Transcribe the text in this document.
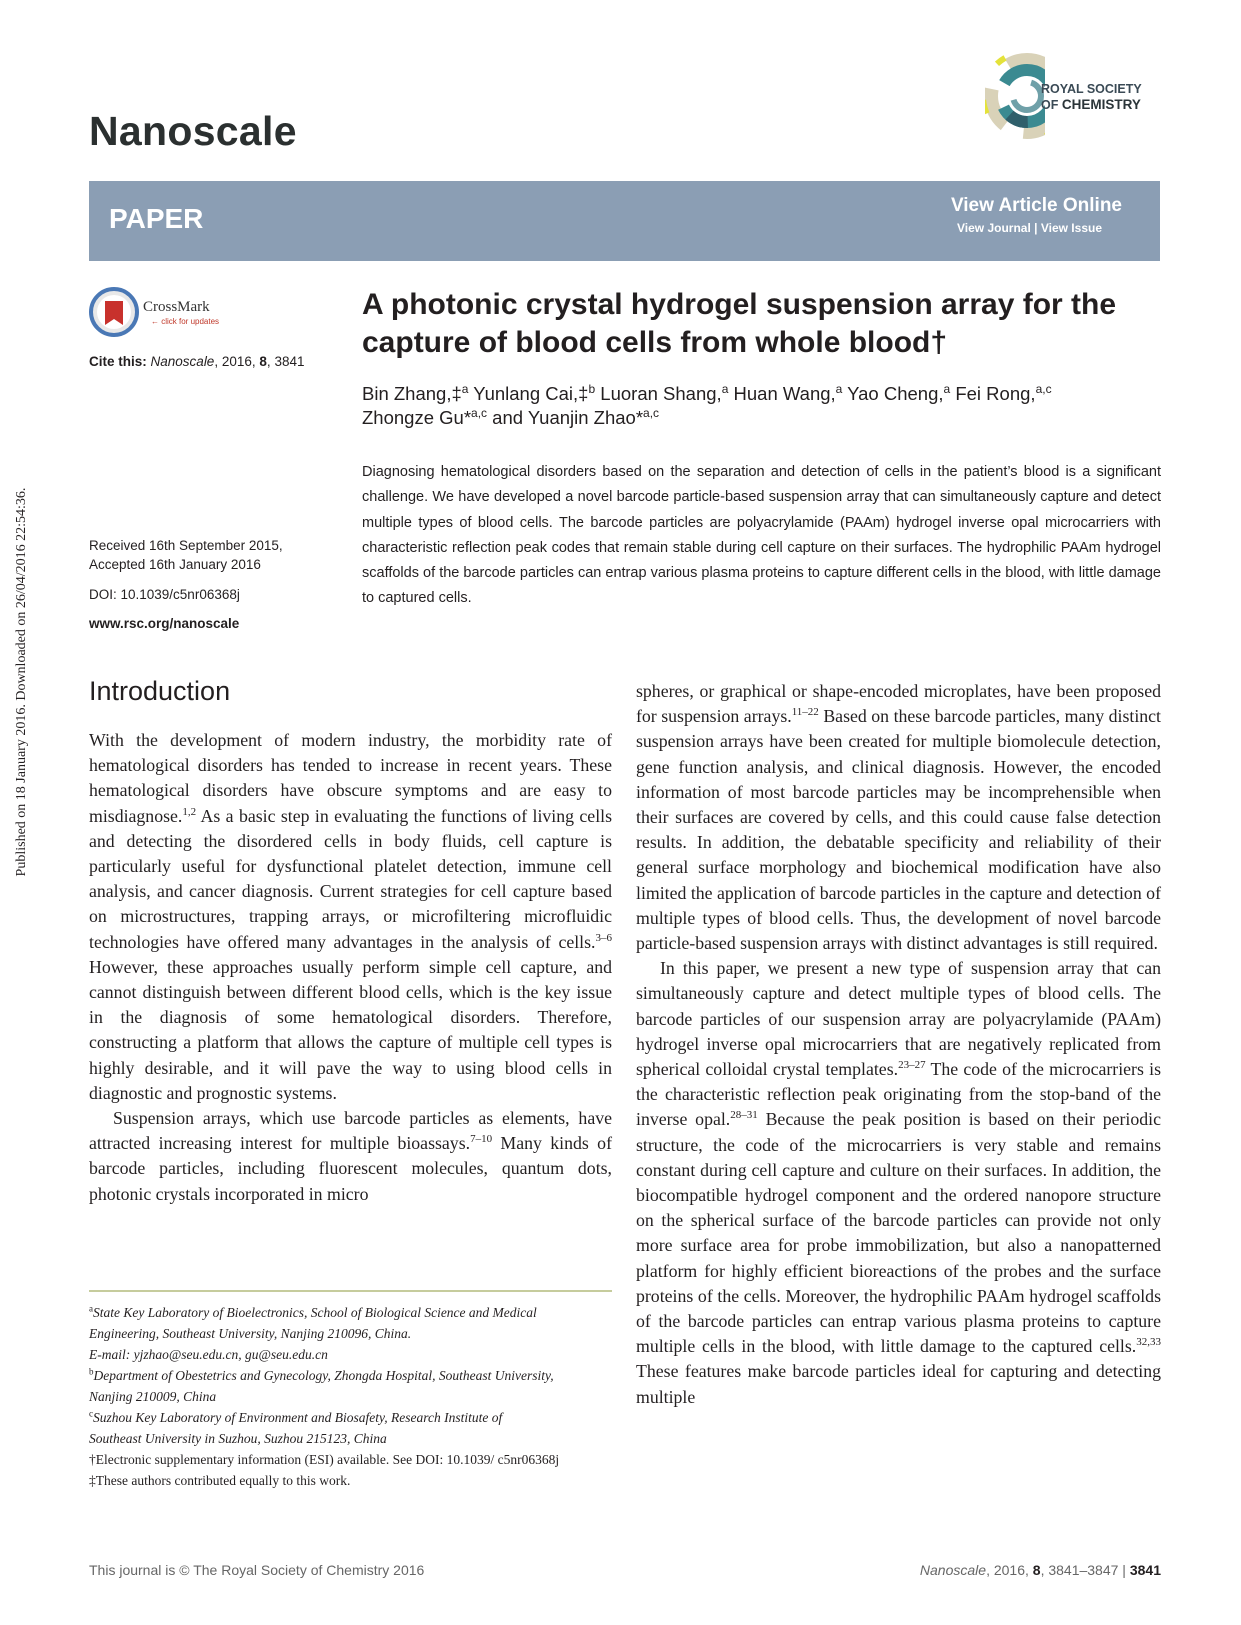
Published on 18 January 2016. Downloaded on 26/04/2016 22:54:36.
Nanoscale
ROYAL SOCIETY
OF CHEMISTRY
PAPER	View Article Online
View Journal | View Issue
CrossMark
← click for updates
Cite this: Nanoscale, 2016, 8, 3841
Received 16th September 2015,
Accepted 16th January 2016
DOI: 10.1039/c5nr06368j
www.rsc.org/nanoscale
A photonic crystal hydrogel suspension array for the capture of blood cells from whole blood†
Bin Zhang,‡$^a$ Yunlang Cai,‡$^b$ Luoran Shang,$^a$ Huan Wang,$^a$ Yao Cheng,$^a$ Fei Rong,$^{a,c}$
Zhongze Gu*$^{a,c}$ and Yuanjin Zhao*$^{a,c}$
Diagnosing hematological disorders based on the separation and detection of cells in the patient’s blood is a significant challenge. We have developed a novel barcode particle-based suspension array that can simultaneously capture and detect multiple types of blood cells. The barcode particles are polyacrylamide (PAAm) hydrogel inverse opal microcarriers with characteristic reflection peak codes that remain stable during cell capture on their surfaces. The hydrophilic PAAm hydrogel scaffolds of the barcode particles can entrap various plasma proteins to capture different cells in the blood, with little damage to captured cells.
Introduction

With the development of modern industry, the morbidity rate of hematological disorders has tended to increase in recent years. These hematological disorders have obscure symptoms and are easy to misdiagnose.$^{1,2}$ As a basic step in evaluating the functions of living cells and detecting the disordered cells in body fluids, cell capture is particularly useful for dysfunctional platelet detection, immune cell analysis, and cancer diagnosis. Current strategies for cell capture based on microstructures, trapping arrays, or microfiltering microfluidic technologies have offered many advantages in the analysis of cells.$^{3-6}$ However, these approaches usually perform simple cell capture, and cannot distinguish between different blood cells, which is the key issue in the diagnosis of some hematological disorders. Therefore, constructing a platform that allows the capture of multiple cell types is highly desirable, and it will pave the way to using blood cells in diagnostic and prognostic systems.

Suspension arrays, which use barcode particles as elements, have attracted increasing interest for multiple bioassays.$^{7-10}$ Many kinds of barcode particles, including fluorescent molecules, quantum dots, photonic crystals incorporated in micro

spheres, or graphical or shape-encoded microplates, have been proposed for suspension arrays.$^{11-22}$ Based on these barcode particles, many distinct suspension arrays have been created for multiple biomolecule detection, gene function analysis, and clinical diagnosis. However, the encoded information of most barcode particles may be incomprehensible when their surfaces are covered by cells, and this could cause false detection results. In addition, the debatable specificity and reliability of their general surface morphology and biochemical modification have also limited the application of barcode particles in the capture and detection of multiple types of blood cells. Thus, the development of novel barcode particle-based suspension arrays with distinct advantages is still required.

In this paper, we present a new type of suspension array that can simultaneously capture and detect multiple types of blood cells. The barcode particles of our suspension array are polyacrylamide (PAAm) hydrogel inverse opal microcarriers that are negatively replicated from spherical colloidal crystal templates.$^{23-27}$ The code of the microcarriers is the characteristic reflection peak originating from the stop-band of the inverse opal.$^{28-31}$ Because the peak position is based on their periodic structure, the code of the microcarriers is very stable and remains constant during cell capture and culture on their surfaces. In addition, the biocompatible hydrogel component and the ordered nanopore structure on the spherical surface of the barcode particles can provide not only more surface area for probe immobilization, but also a nanopatterned platform for highly efficient bioreactions of the probes and the surface proteins of the cells. Moreover, the hydrophilic PAAm hydrogel scaffolds of the barcode particles can entrap various plasma proteins to capture multiple cells in the blood, with little damage to the captured cells.$^{32,33}$ These features make barcode particles ideal for capturing and detecting multiple

$^a$State Key Laboratory of Bioelectronics, School of Biological Science and Medical

Engineering, Southeast University, Nanjing 210096, China.

E-mail: yjzhao@seu.edu.cn, gu@seu.edu.cn

$^b$Department of Obestetrics and Gynecology, Zhongda Hospital, Southeast University,

Nanjing 210009, China

$^c$Suzhou Key Laboratory of Environment and Biosafety, Research Institute of

Southeast University in Suzhou, Suzhou 215123, China

†Electronic supplementary information (ESI) available. See DOI: 10.1039/ c5nr06368j

‡These authors contributed equally to this work.

This journal is © The Royal Society of Chemistry 2016	Nanoscale, 2016, 8, 3841–3847 | 3841
